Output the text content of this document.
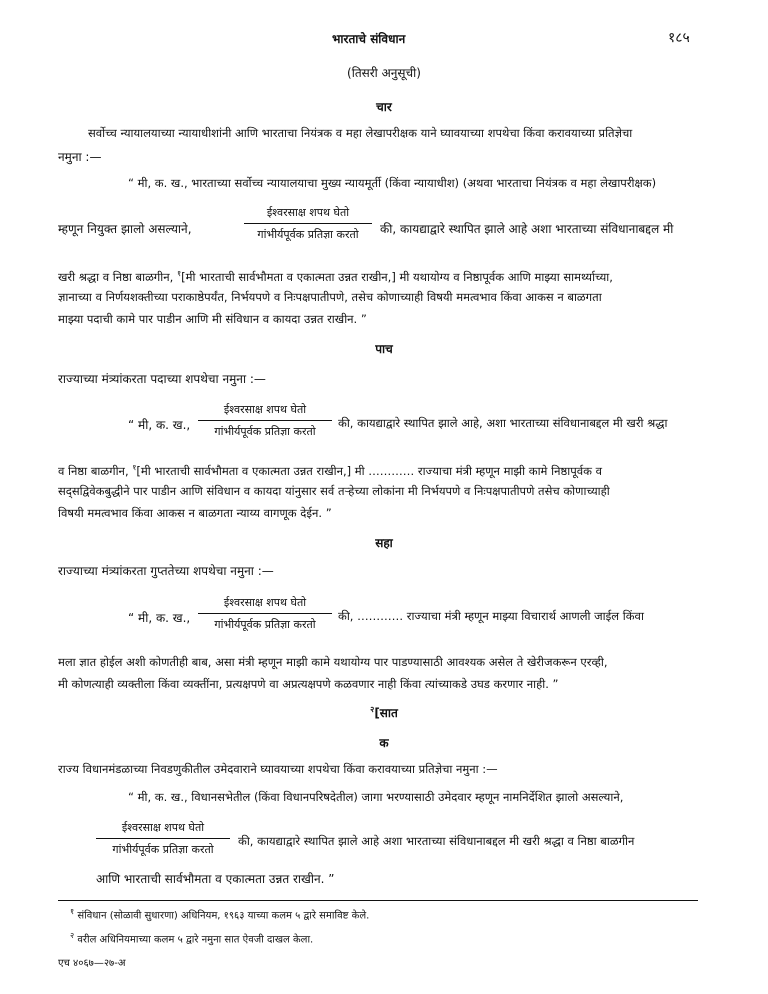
भारताचे संविधान	१८५
(तिसरी अनुसूची)
चार
सर्वोच्च न्यायालयाच्या न्यायाधीशांनी आणि भारताचा नियंत्रक व महा लेखापरीक्षक याने घ्यावयाच्या शपथेचा किंवा करावयाच्या प्रतिज्ञेचा
नमुना :—
“ मी, क. ख., भारताच्या सर्वोच्च न्यायालयाचा मुख्य न्यायमूर्ती (किंवा न्यायाधीश) (अथवा भारताचा नियंत्रक व महा लेखापरीक्षक)
म्हणून नियुक्त झालो असल्याने,
ईश्वरसाक्ष शपथ घेतो
गांभीर्यपूर्वक प्रतिज्ञा करतो	की, कायद्याद्वारे स्थापित झाले आहे अशा भारताच्या संविधानाबद्दल मी
खरी श्रद्धा व निष्ठा बाळगीन, $^१$[मी भारताची सार्वभौमता व एकात्मता उन्नत राखीन,] मी यथायोग्य व निष्ठापूर्वक आणि माझ्या सामर्थ्याच्या,
ज्ञानाच्या व निर्णयशक्तीच्या पराकाष्ठेपर्यंत, निर्भयपणे व निःपक्षपातीपणे, तसेच कोणाच्याही विषयी ममत्वभाव किंवा आकस न बाळगता
माझ्या पदाची कामे पार पाडीन आणि मी संविधान व कायदा उन्नत राखीन. ”
पाच
राज्याच्या मंत्र्यांकरता पदाच्या शपथेचा नमुना :—
“ मी, क. ख.,
ईश्वरसाक्ष शपथ घेतो
गांभीर्यपूर्वक प्रतिज्ञा करतो
की, कायद्याद्वारे स्थापित झाले आहे, अशा भारताच्या संविधानाबद्दल मी खरी श्रद्धा
व निष्ठा बाळगीन, $^१$[मी भारताची सार्वभौमता व एकात्मता उन्नत राखीन,] मी ………… राज्याचा मंत्री म्हणून माझी कामे निष्ठापूर्वक व
सद्सद्विवेकबुद्धीने पार पाडीन आणि संविधान व कायदा यांनुसार सर्व तऱ्हेच्या लोकांना मी निर्भयपणे व निःपक्षपातीपणे तसेच कोणाच्याही
विषयी ममत्वभाव किंवा आकस न बाळगता न्याय्य वागणूक देईन. ”
सहा
राज्याच्या मंत्र्यांकरता गुप्ततेच्या शपथेचा नमुना :—
“ मी, क. ख.,
ईश्वरसाक्ष शपथ घेतो
गांभीर्यपूर्वक प्रतिज्ञा करतो
की, ………… राज्याचा मंत्री म्हणून माझ्या विचारार्थ आणली जाईल किंवा
मला ज्ञात होईल अशी कोणतीही बाब, असा मंत्री म्हणून माझी कामे यथायोग्य पार पाडण्यासाठी आवश्यक असेल ते खेरीजकरून एरव्ही,
मी कोणत्याही व्यक्तीला किंवा व्यक्तींना, प्रत्यक्षपणे वा अप्रत्यक्षपणे कळवणार नाही किंवा त्यांच्याकडे उघड करणार नाही. ”
$^२$[सात
क
राज्य विधानमंडळाच्या निवडणुकीतील उमेदवाराने घ्यावयाच्या शपथेचा किंवा करावयाच्या प्रतिज्ञेचा नमुना :—
“ मी, क. ख., विधानसभेतील (किंवा विधानपरिषदेतील) जागा भरण्यासाठी उमेदवार म्हणून नामनिर्देशित झालो असल्याने,
ईश्वरसाक्ष शपथ घेतो
गांभीर्यपूर्वक प्रतिज्ञा करतो
की, कायद्याद्वारे स्थापित झाले आहे अशा भारताच्या संविधानाबद्दल मी खरी श्रद्धा व निष्ठा बाळगीन
आणि भारताची सार्वभौमता व एकात्मता उन्नत राखीन. ”
$^१$ संविधान (सोळावी सुधारणा) अधिनियम, १९६३ याच्या कलम ५ द्वारे समाविष्ट केले.
$^२$ वरील अधिनियमाच्या कलम ५ द्वारे नमुना सात ऐवजी दाखल केला.
एच ४०६७—२७-अ
